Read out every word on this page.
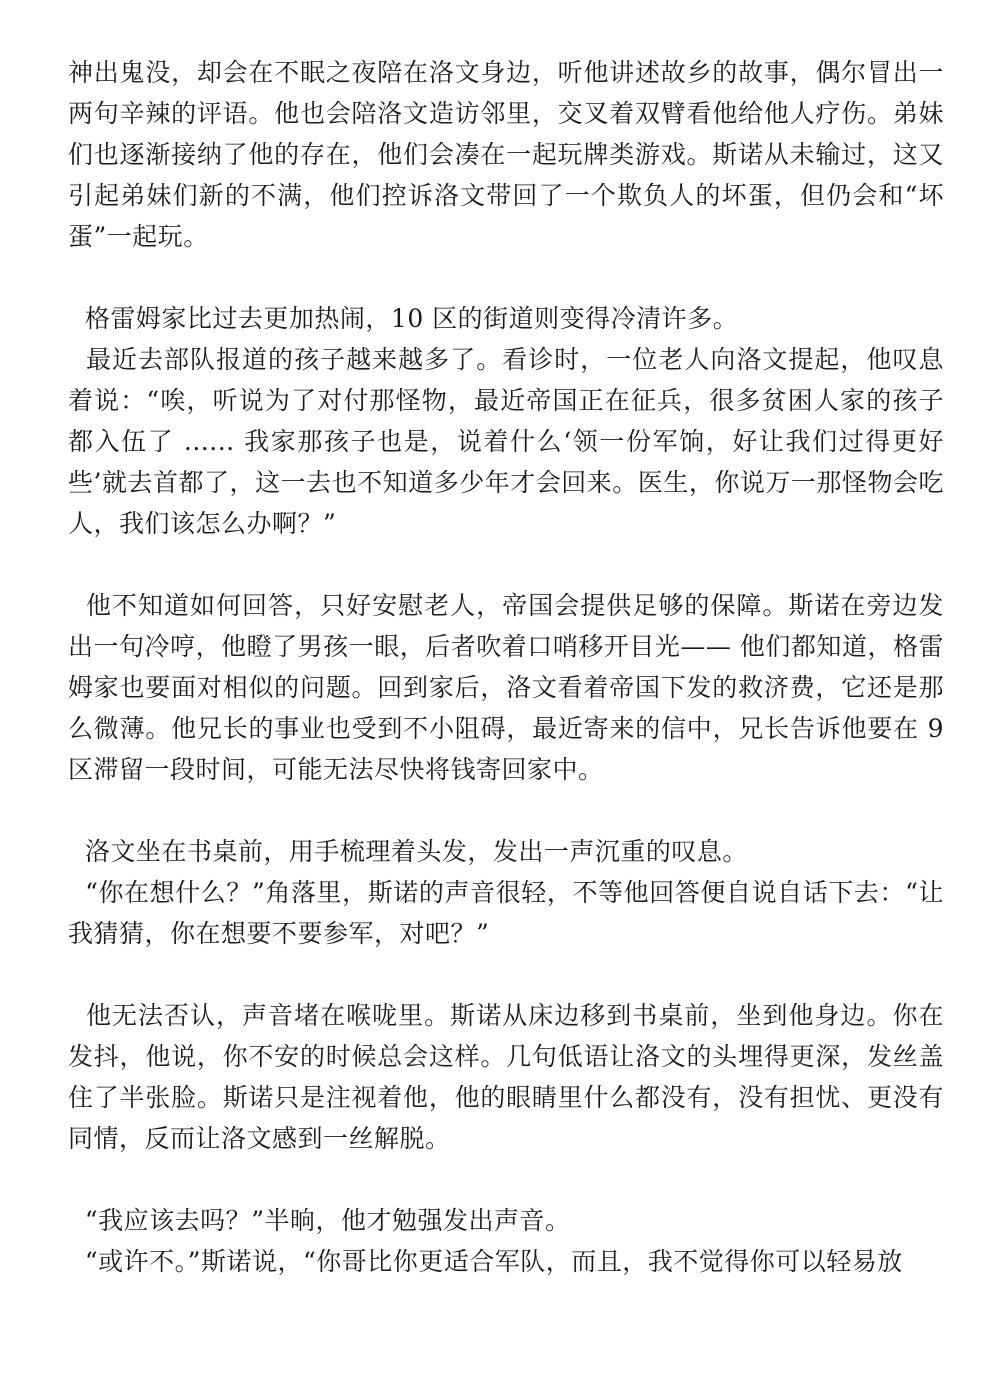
神出鬼没，却会在不眠之夜陪在洛文身边，听他讲述故乡的故事，偶尔冒出一两句辛辣的评语。他也会陪洛文造访邻里，交叉着双臂看他给他人疗伤。弟妹们也逐渐接纳了他的存在，他们会凑在一起玩牌类游戏。斯诺从未输过，这又引起弟妹们新的不满，他们控诉洛文带回了一个欺负人的坏蛋，但仍会和“坏蛋”一起玩。

格雷姆家比过去更加热闹，10 区的街道则变得冷清许多。

最近去部队报道的孩子越来越多了。看诊时，一位老人向洛文提起，他叹息着说：“唉，听说为了对付那怪物，最近帝国正在征兵，很多贫困人家的孩子都入伍了 ...... 我家那孩子也是，说着什么‘领一份军饷，好让我们过得更好些’就去首都了，这一去也不知道多少年才会回来。医生，你说万一那怪物会吃人，我们该怎么办啊？”

他不知道如何回答，只好安慰老人，帝国会提供足够的保障。斯诺在旁边发出一句冷哼，他瞪了男孩一眼，后者吹着口哨移开目光—— 他们都知道，格雷姆家也要面对相似的问题。回到家后，洛文看着帝国下发的救济费，它还是那么微薄。他兄长的事业也受到不小阻碍，最近寄来的信中，兄长告诉他要在 9 区滞留一段时间，可能无法尽快将钱寄回家中。

洛文坐在书桌前，用手梳理着头发，发出一声沉重的叹息。

“你在想什么？”角落里，斯诺的声音很轻，不等他回答便自说自话下去：“让我猜猜，你在想要不要参军，对吧？”

他无法否认，声音堵在喉咙里。斯诺从床边移到书桌前，坐到他身边。你在发抖，他说，你不安的时候总会这样。几句低语让洛文的头埋得更深，发丝盖住了半张脸。斯诺只是注视着他，他的眼睛里什么都没有，没有担忧、更没有同情，反而让洛文感到一丝解脱。

“我应该去吗？”半晌，他才勉强发出声音。

“或许不。”斯诺说，“你哥比你更适合军队，而且，我不觉得你可以轻易放
